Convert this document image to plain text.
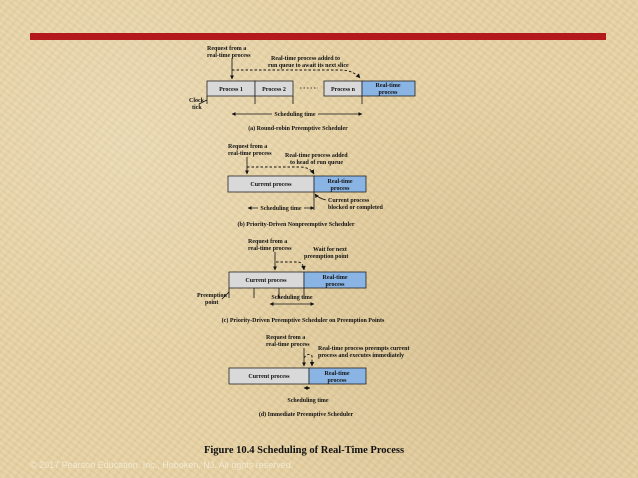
Request from a
real-time process	Real-time process added to
run queue to await its next slice
Process 1	Process 2	Process n
Real-time
process
Clock
tick
Scheduling time
(a) Round-robin Preemptive Scheduler
Request from a
real-time process Real-time process added
to head of run queue
Current process	Real-time
process
Current process
blocked or completed
Scheduling time
(b) Priority-Driven Nonpreemptive Scheduler
Request from a
real-time process	Wait for next
preemption point
Current process	Real-time
process
Preemption
point
Scheduling time
(c) Priority-Driven Preemptive Scheduler on Preemption Points
Request from a
real-time process
Real-time process preempts current
process and executes immediately
Current process	Real-time
process
Scheduling time
(d) Immediate Preemptive Scheduler
Figure 10.4 Scheduling of Real-Time Process
© 2017 Pearson Education, Inc., Hoboken, NJ. All rights reserved.
